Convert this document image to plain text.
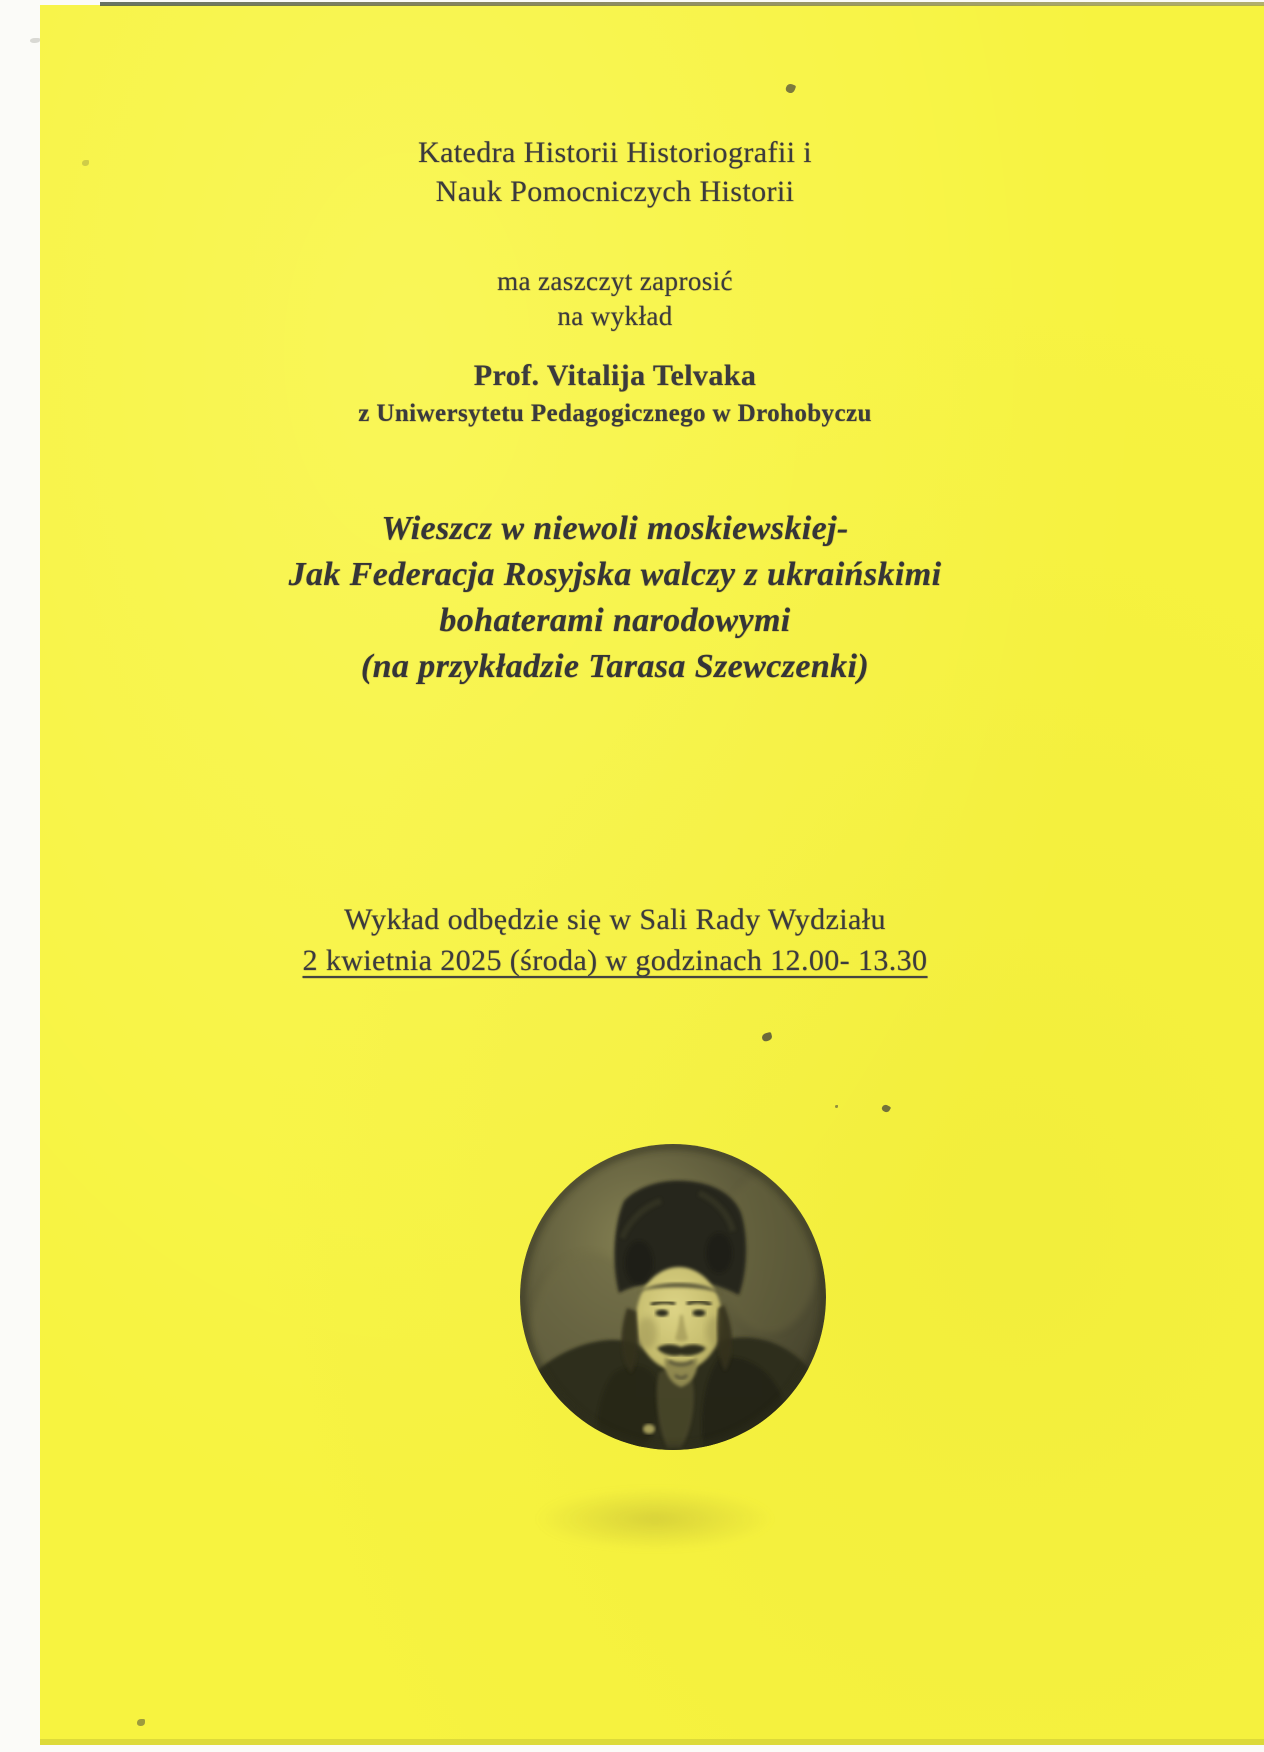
Katedra Historii Historiografii i
Nauk Pomocniczych Historii
ma zaszczyt zaprosić
na wykład
Prof. Vitalija Telvaka
z Uniwersytetu Pedagogicznego w Drohobyczu
Wieszcz w niewoli moskiewskiej-
Jak Federacja Rosyjska walczy z ukraińskimi
bohaterami narodowymi
(na przykładzie Tarasa Szewczenki)
Wykład odbędzie się w Sali Rady Wydziału
2 kwietnia 2025 (środa) w godzinach 12.00- 13.30
